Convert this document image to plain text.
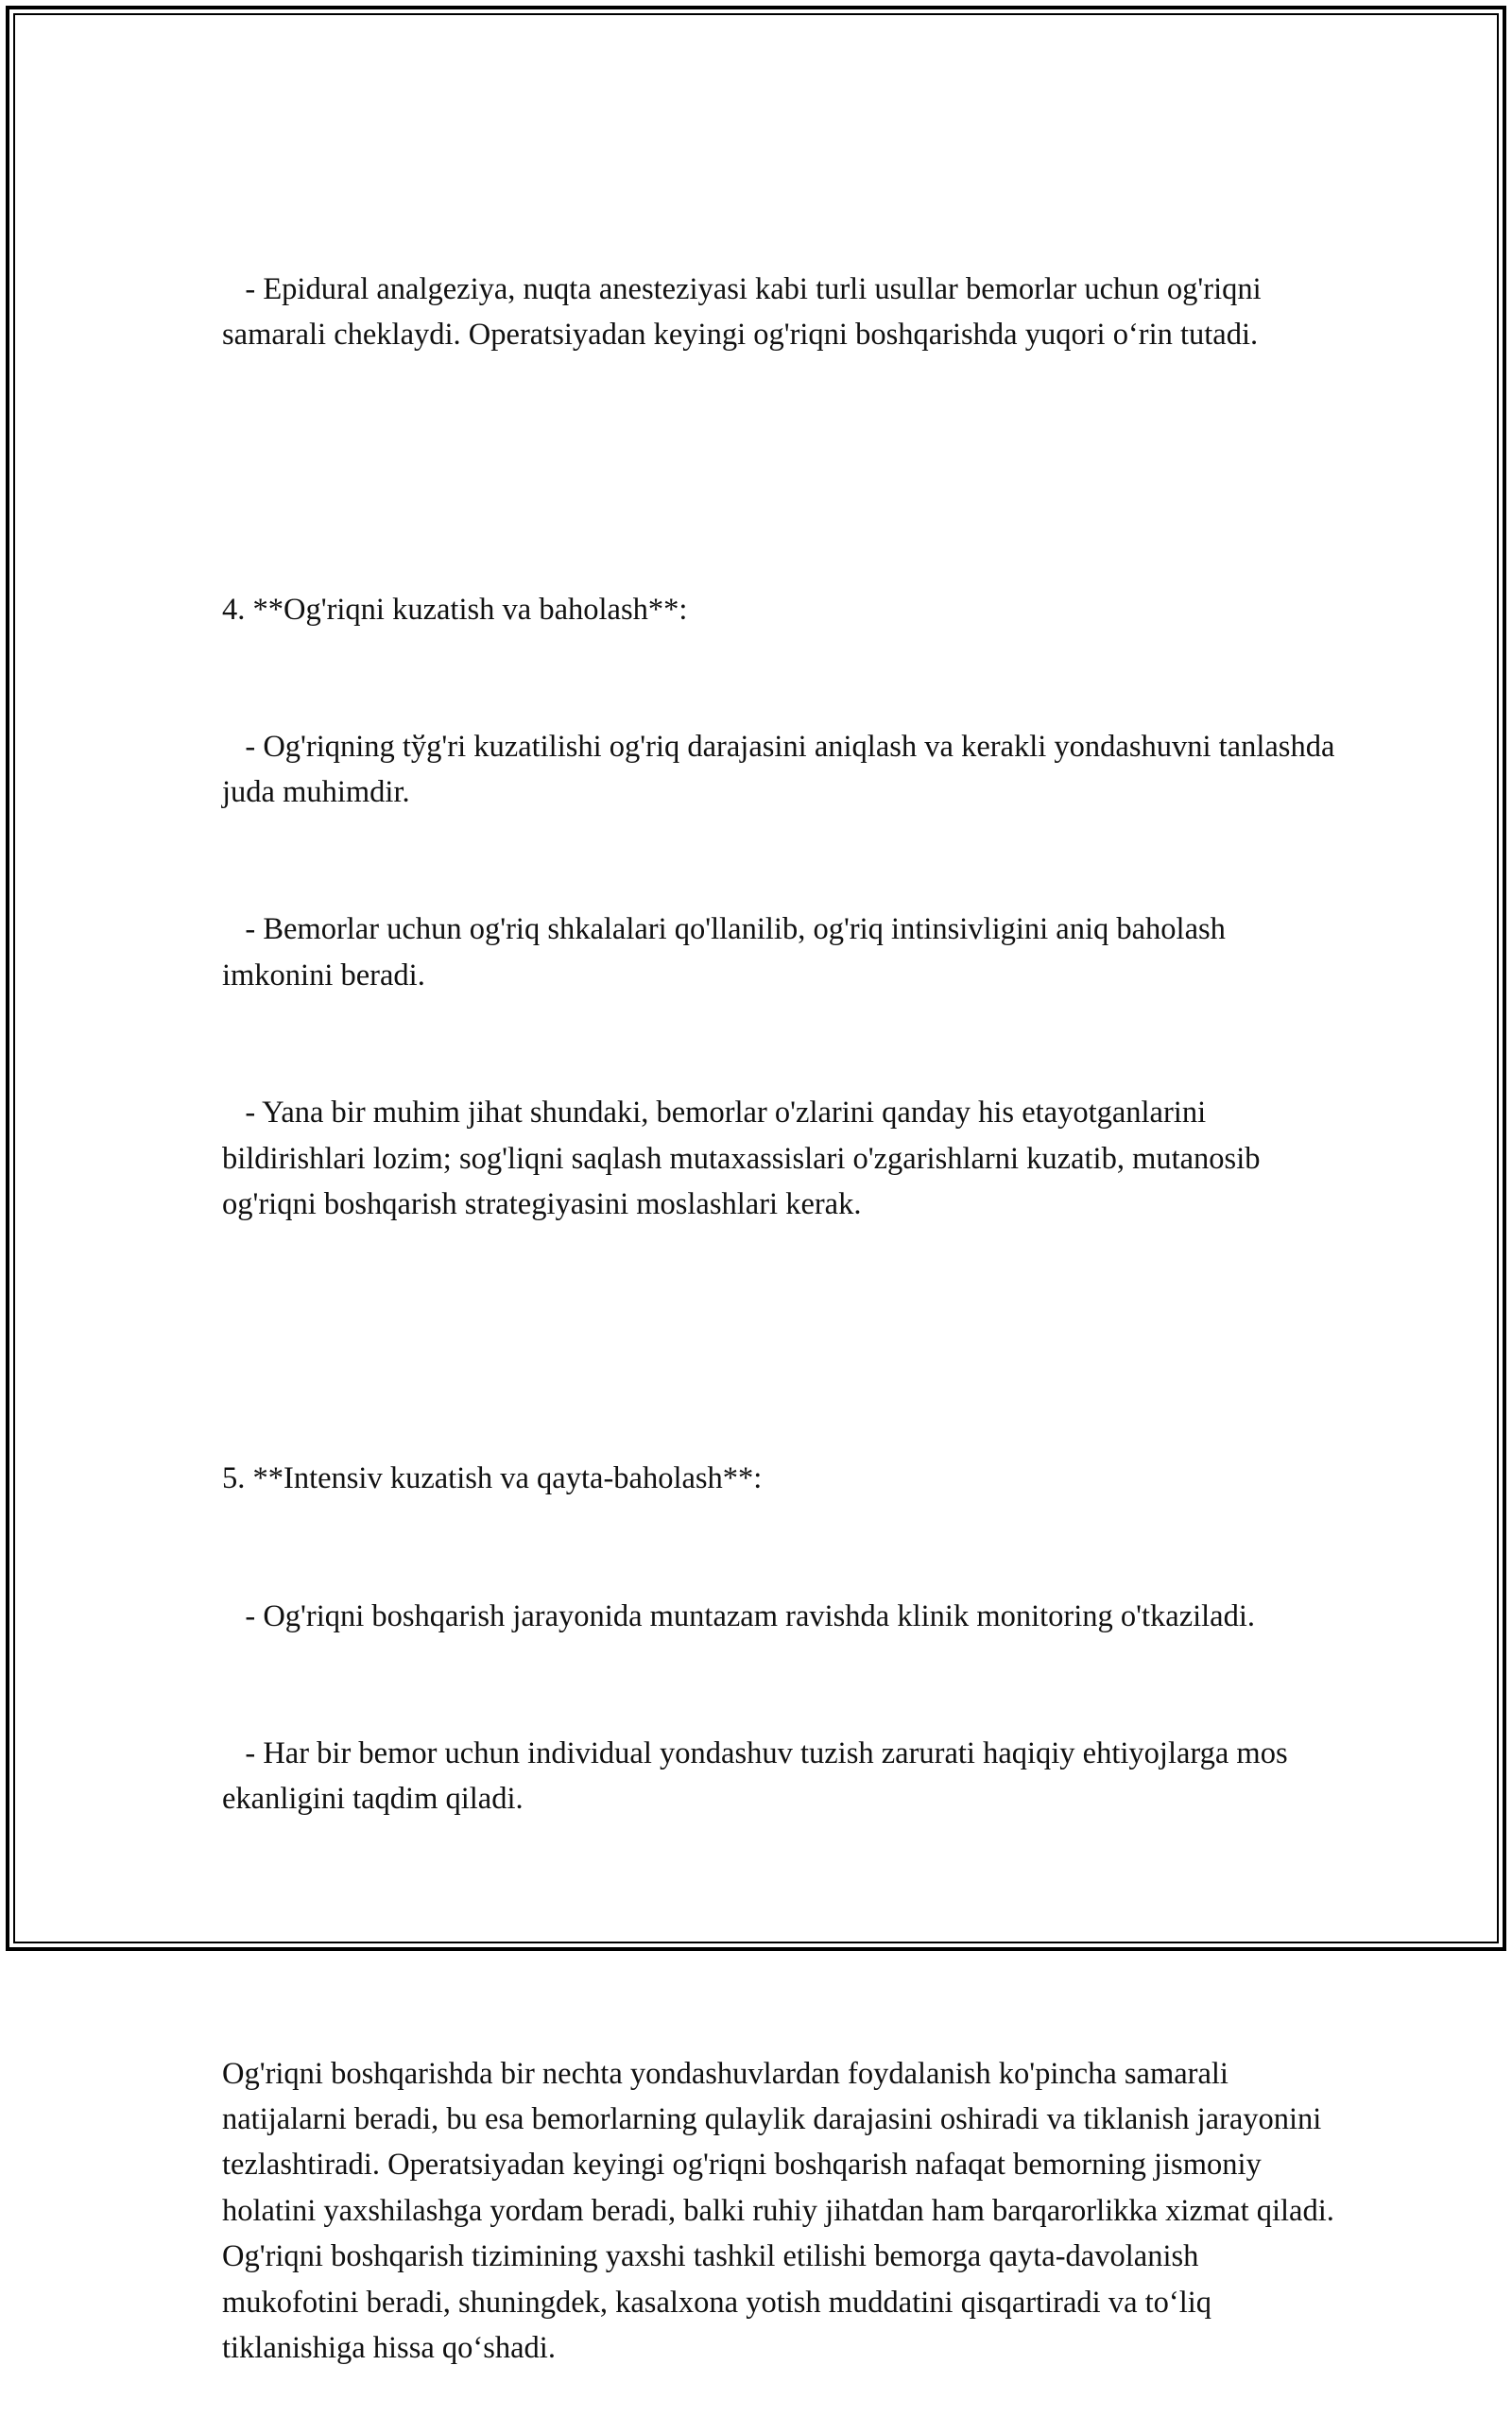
- Epidural analgeziya, nuqta anesteziyasi kabi turli usullar bemorlar uchun og'riqni samarali cheklaydi. Operatsiyadan keyingi og'riqni boshqarishda yuqori o‘rin tutadi.

4. **Og'riqni kuzatish va baholash**:

- Og'riqning tўg'ri kuzatilishi og'riq darajasini aniqlash va kerakli yondashuvni tanlashda juda muhimdir.

- Bemorlar uchun og'riq shkalalari qo'llanilib, og'riq intinsivligini aniq baholash imkonini beradi.

- Yana bir muhim jihat shundaki, bemorlar o'zlarini qanday his etayotganlarini bildirishlari lozim; sog'liqni saqlash mutaxassislari o'zgarishlarni kuzatib, mutanosib og'riqni boshqarish strategiyasini moslashlari kerak.

5. **Intensiv kuzatish va qayta-baholash**:

- Og'riqni boshqarish jarayonida muntazam ravishda klinik monitoring o'tkaziladi.

- Har bir bemor uchun individual yondashuv tuzish zarurati haqiqiy ehtiyojlarga mos ekanligini taqdim qiladi.

Og'riqni boshqarishda bir nechta yondashuvlardan foydalanish ko'pincha samarali natijalarni beradi, bu esa bemorlarning qulaylik darajasini oshiradi va tiklanish jarayonini tezlashtiradi. Operatsiyadan keyingi og'riqni boshqarish nafaqat bemorning jismoniy holatini yaxshilashga yordam beradi, balki ruhiy jihatdan ham barqarorlikka xizmat qiladi. Og'riqni boshqarish tizimining yaxshi tashkil etilishi bemorga qayta-davolanish mukofotini beradi, shuningdek, kasalxona yotish muddatini qisqartiradi va to‘liq tiklanishiga hissa qo‘shadi.
